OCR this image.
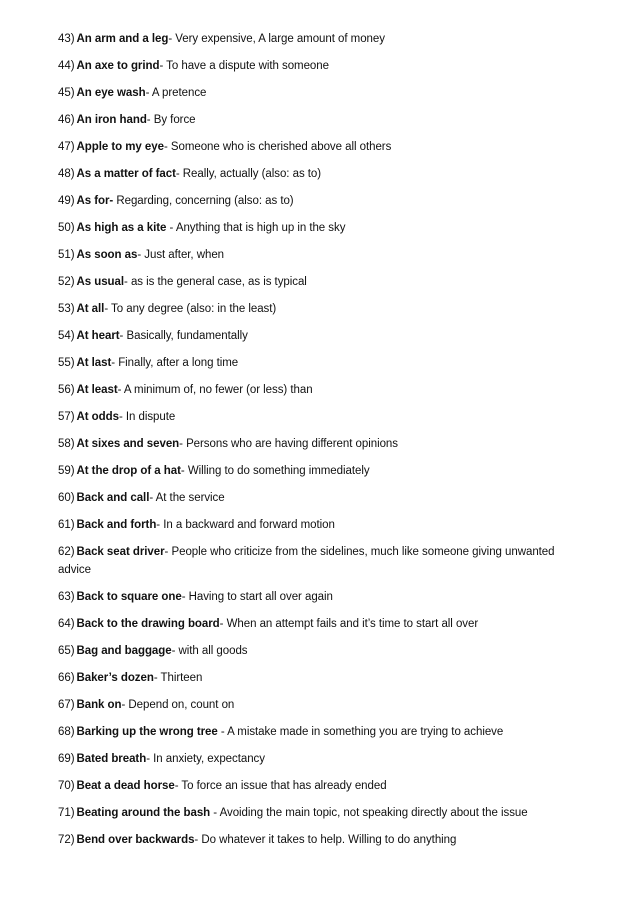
43) An arm and a leg- Very expensive, A large amount of money
44) An axe to grind- To have a dispute with someone
45) An eye wash- A pretence
46) An iron hand- By force
47) Apple to my eye- Someone who is cherished above all others
48) As a matter of fact- Really, actually (also: as to)
49) As for- Regarding, concerning (also: as to)
50) As high as a kite - Anything that is high up in the sky
51) As soon as- Just after, when
52) As usual- as is the general case, as is typical
53) At all- To any degree (also: in the least)
54) At heart- Basically, fundamentally
55) At last- Finally, after a long time
56) At least- A minimum of, no fewer (or less) than
57) At odds- In dispute
58) At sixes and seven- Persons who are having different opinions
59) At the drop of a hat- Willing to do something immediately
60) Back and call- At the service
61) Back and forth- In a backward and forward motion
62) Back seat driver- People who criticize from the sidelines, much like someone giving unwanted advice
63) Back to square one- Having to start all over again
64) Back to the drawing board- When an attempt fails and it’s time to start all over
65) Bag and baggage- with all goods
66) Baker’s dozen- Thirteen
67) Bank on- Depend on, count on
68) Barking up the wrong tree - A mistake made in something you are trying to achieve
69) Bated breath- In anxiety, expectancy
70) Beat a dead horse- To force an issue that has already ended
71) Beating around the bash - Avoiding the main topic, not speaking directly about the issue
72) Bend over backwards- Do whatever it takes to help. Willing to do anything
